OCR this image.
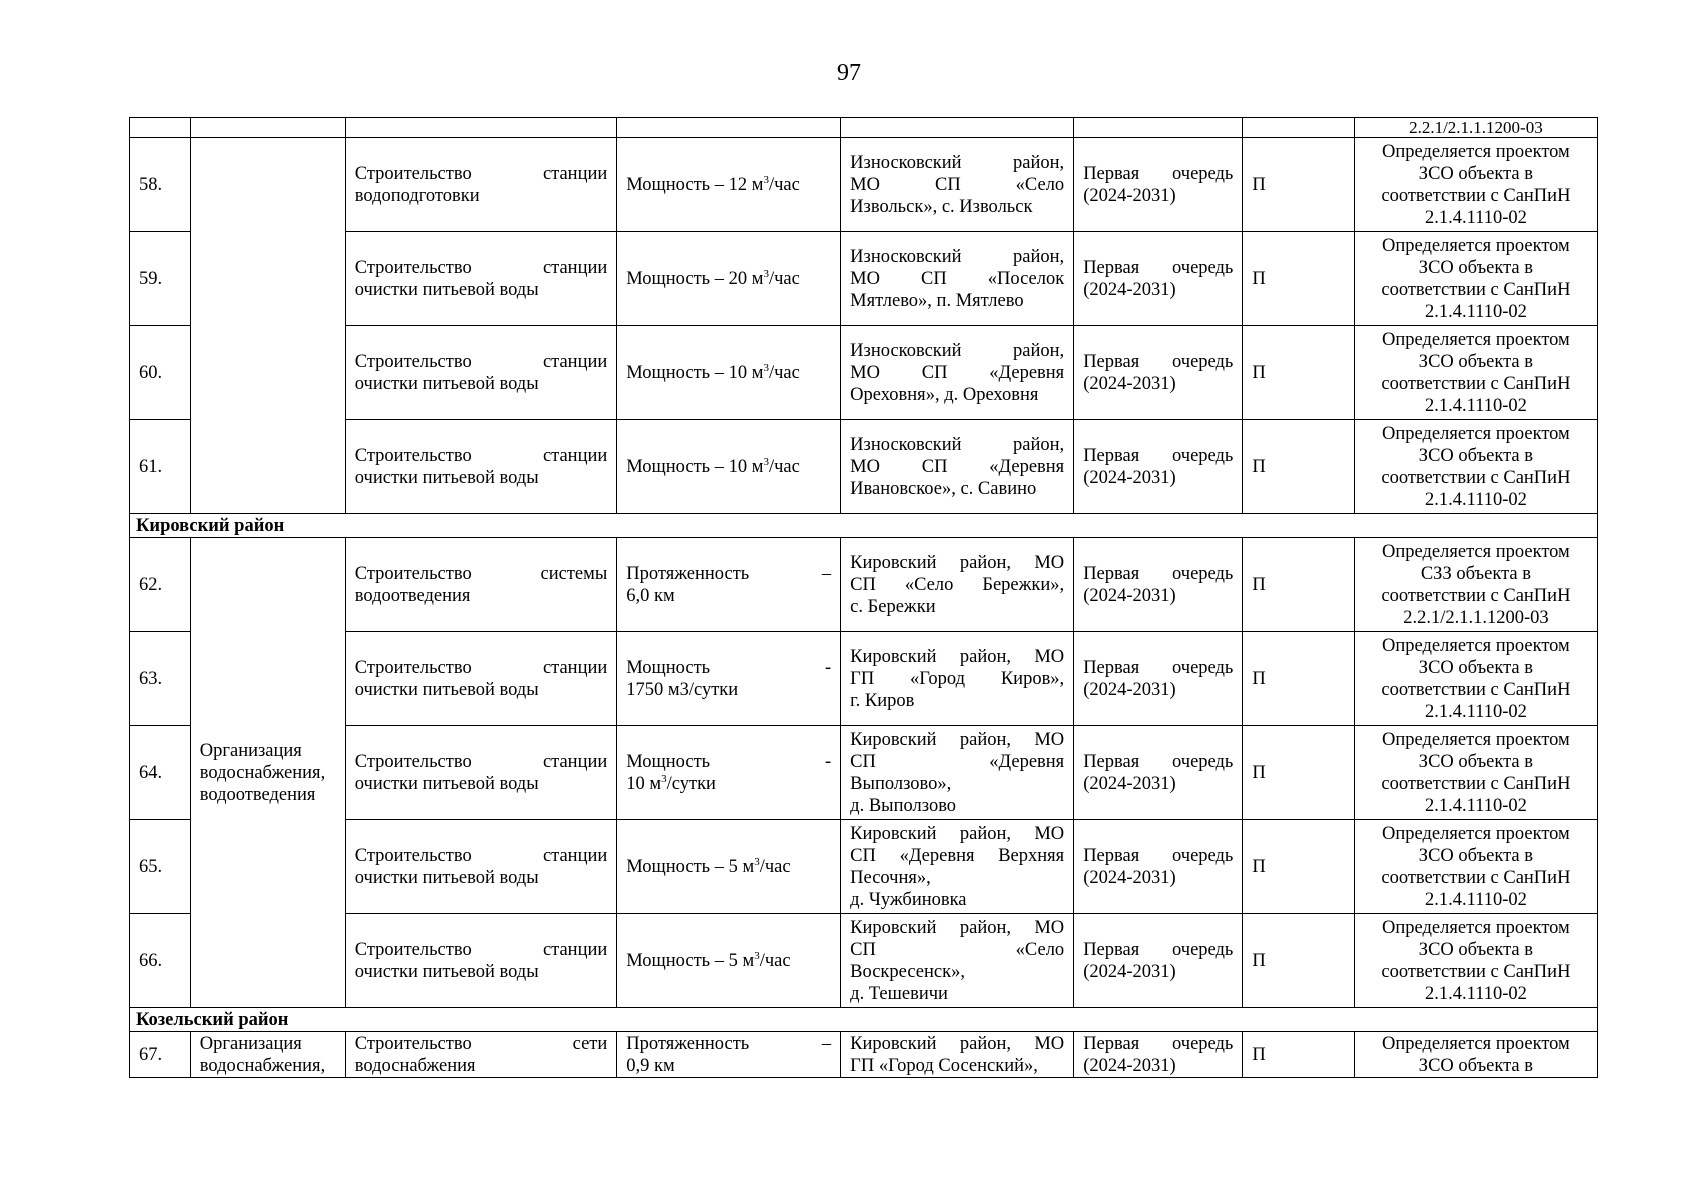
97
							2.2.1/2.1.1.1200-03
58.		Строительство станции
водоподготовки	Мощность – 12 $м^3$/час	Износковский район,
МО СП «Село
Извольск», с. Извольск	Первая очередь (2024-2031)	П	Определяется проектом
ЗСО объекта в
соответствии с СанПиН
2.1.4.1110-02

59.		Строительство станции
очистки питьевой воды	Мощность – 20 $м^3$/час	Износковский район,
МО СП «Поселок
Мятлево», п. Мятлево	Первая очередь (2024-2031)	П	Определяется проектом
ЗСО объекта в
соответствии с СанПиН
2.1.4.1110-02

60.		Строительство станции
очистки питьевой воды	Мощность – 10 $м^3$/час	Износковский район,
МО СП «Деревня
Ореховня», д. Ореховня	Первая очередь (2024-2031)	П	Определяется проектом
ЗСО объекта в
соответствии с СанПиН
2.1.4.1110-02

61.		Строительство станции
очистки питьевой воды	Мощность – 10 $м^3$/час	Износковский район,
МО СП «Деревня
Ивановское», с. Савино	Первая очередь (2024-2031)	П	Определяется проектом
ЗСО объекта в
соответствии с СанПиН
2.1.4.1110-02

Кировский район							
62.	Организация
водоснабжения,
водоотведения	Строительство системы
водоотведения	Протяженность –
6,0 км	Кировский район, МО
СП «Село Бережки»,
с. Бережки	Первая очередь (2024-2031)	П	Определяется проектом
СЗЗ объекта в
соответствии с СанПиН
2.2.1/2.1.1.1200-03

63.		Строительство станции
очистки питьевой воды	Мощность -
1750 м3/сутки	Кировский район, МО
ГП «Город Киров»,
г. Киров	Первая очередь (2024-2031)	П	Определяется проектом
ЗСО объекта в
соответствии с СанПиН
2.1.4.1110-02

64.		Строительство станции
очистки питьевой воды	Мощность -
10 $м^3$/сутки	Кировский район, МО
СП «Деревня
Выползово»,
д. Выползово	Первая очередь (2024-2031)	П	Определяется проектом
ЗСО объекта в
соответствии с СанПиН
2.1.4.1110-02

65.		Строительство станции
очистки питьевой воды	Мощность – 5 $м^3$/час	Кировский район, МО
СП «Деревня Верхняя
Песочня»,
д. Чужбиновка	Первая очередь (2024-2031)	П	Определяется проектом
ЗСО объекта в
соответствии с СанПиН
2.1.4.1110-02

66.		Строительство станции
очистки питьевой воды	Мощность – 5 $м^3$/час	Кировский район, МО
СП «Село
Воскресенск»,
д. Тешевичи	Первая очередь (2024-2031)	П	Определяется проектом
ЗСО объекта в
соответствии с СанПиН
2.1.4.1110-02

Козельский район							
67.	Организация
водоснабжения,	Строительство сети
водоснабжения	Протяженность –
0,9 км	Кировский район, МО
ГП «Город Сосенский»,	Первая очередь (2024-2031)	П	Определяется проектом
ЗСО объекта в
